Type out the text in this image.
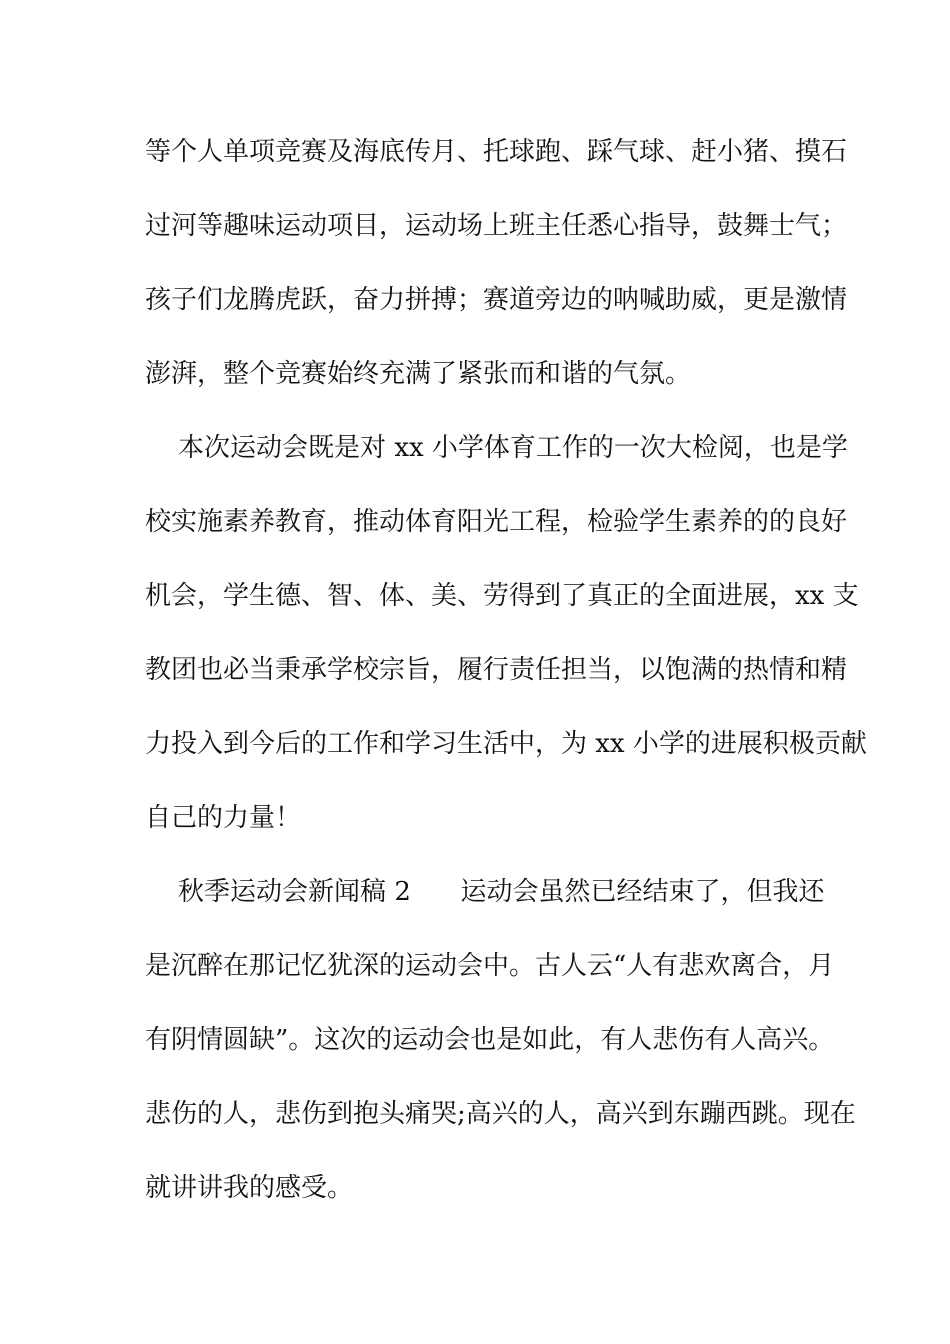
等个人单项竞赛及海底传月、托球跑、踩气球、赶小猪、摸石
过河等趣味运动项目，运动场上班主任悉心指导，鼓舞士气；
孩子们龙腾虎跃，奋力拼搏；赛道旁边的呐喊助威，更是激情
澎湃，整个竞赛始终充满了紧张而和谐的气氛。
本次运动会既是对 xx 小学体育工作的一次大检阅，也是学
校实施素养教育，推动体育阳光工程，检验学生素养的的良好
机会，学生德、智、体、美、劳得到了真正的全面进展，xx 支
教团也必当秉承学校宗旨，履行责任担当，以饱满的热情和精
力投入到今后的工作和学习生活中，为 xx 小学的进展积极贡献
自己的力量！
秋季运动会新闻稿 2      运动会虽然已经结束了，但我还
是沉醉在那记忆犹深的运动会中。古人云“人有悲欢离合，月
有阴情圆缺”。这次的运动会也是如此，有人悲伤有人高兴。
悲伤的人，悲伤到抱头痛哭;高兴的人，高兴到东蹦西跳。现在
就讲讲我的感受。
